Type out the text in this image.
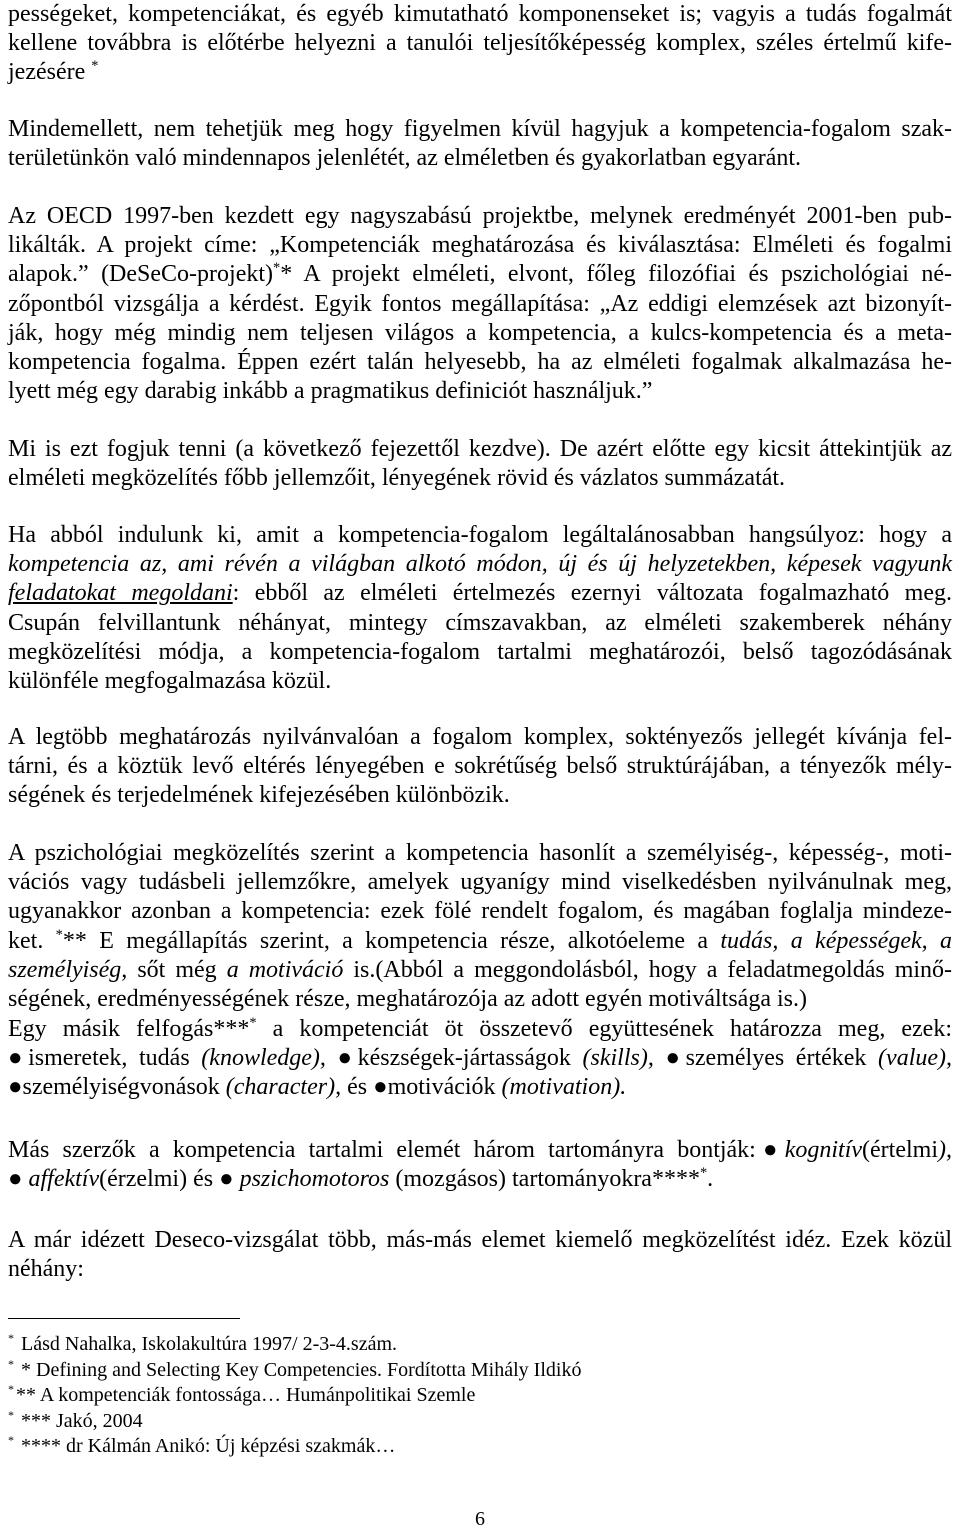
pességeket, kompetenciákat, és egyéb kimutatható komponenseket is; vagyis a tudás fogalmát
kellene továbbra is előtérbe helyezni a tanulói teljesítőképesség komplex, széles értelmű kife-
jezésére *
Mindemellett, nem tehetjük meg hogy figyelmen kívül hagyjuk a kompetencia-fogalom szak-
területünkön való mindennapos jelenlétét, az elméletben és gyakorlatban egyaránt.
Az OECD 1997-ben kezdett egy nagyszabású projektbe, melynek eredményét 2001-ben pub-
likálták. A projekt címe: „Kompetenciák meghatározása és kiválasztása: Elméleti és fogalmi
alapok.” (DeSeCo-projekt)** A projekt elméleti, elvont, főleg filozófiai és pszichológiai né-
zőpontból vizsgálja a kérdést. Egyik fontos megállapítása: „Az eddigi elemzések azt bizonyít-
ják, hogy még mindig nem teljesen világos a kompetencia, a kulcs-kompetencia és a meta-
kompetencia fogalma. Éppen ezért talán helyesebb, ha az elméleti fogalmak alkalmazása he-
lyett még egy darabig inkább a pragmatikus definiciót használjuk.”
Mi is ezt fogjuk tenni (a következő fejezettől kezdve). De azért előtte egy kicsit áttekintjük az
elméleti megközelítés főbb jellemzőit, lényegének rövid és vázlatos summázatát.
Ha abból indulunk ki, amit a kompetencia-fogalom legáltalánosabban hangsúlyoz: hogy a
kompetencia az, ami révén a világban alkotó módon, új és új helyzetekben, képesek vagyunk
feladatokat megoldani: ebből az elméleti értelmezés ezernyi változata fogalmazható meg.
Csupán felvillantunk néhányat, mintegy címszavakban, az elméleti szakemberek néhány
megközelítési módja, a kompetencia-fogalom tartalmi meghatározói, belső tagozódásának
különféle megfogalmazása közül.
A legtöbb meghatározás nyilvánvalóan a fogalom komplex, soktényezős jellegét kívánja fel-
tárni, és a köztük levő eltérés lényegében e sokrétűség belső struktúrájában, a tényezők mély-
ségének és terjedelmének kifejezésében különbözik.
A pszichológiai megközelítés szerint a kompetencia hasonlít a személyiség-, képesség-, moti-
vációs vagy tudásbeli jellemzőkre, amelyek ugyanígy mind viselkedésben nyilvánulnak meg,
ugyanakkor azonban a kompetencia: ezek fölé rendelt fogalom, és magában foglalja mindeze-
ket. *** E megállapítás szerint, a kompetencia része, alkotóeleme a tudás, a képességek, a
személyiség, sőt még a motiváció is.(Abból a meggondolásból, hogy a feladatmegoldás minő-
ségének, eredményességének része, meghatározója az adott egyén motiváltsága is.)
Egy másik felfogás**** a kompetenciát öt összetevő együttesének határozza meg, ezek:
●ismeretek, tudás (knowledge), ●készségek-jártasságok (skills), ●személyes értékek (value),
●személyiségvonások (character), és ●motivációk (motivation).
Más szerzők a kompetencia tartalmi elemét három tartományra bontják:●kognitív(értelmi),
● affektív(érzelmi) és ● pszichomotoros (mozgásos) tartományokra*****.
A már idézett Deseco-vizsgálat több, más-más elemet kiemelő megközelítést idéz. Ezek közül
néhány:
* Lásd Nahalka, Iskolakultúra 1997/ 2-3-4.szám.
* * Defining and Selecting Key Competencies. Fordította Mihály Ildikó
* ** A kompetenciák fontossága… Humánpolitikai Szemle
* *** Jakó, 2004
* **** dr Kálmán Anikó: Új képzési szakmák…
6
